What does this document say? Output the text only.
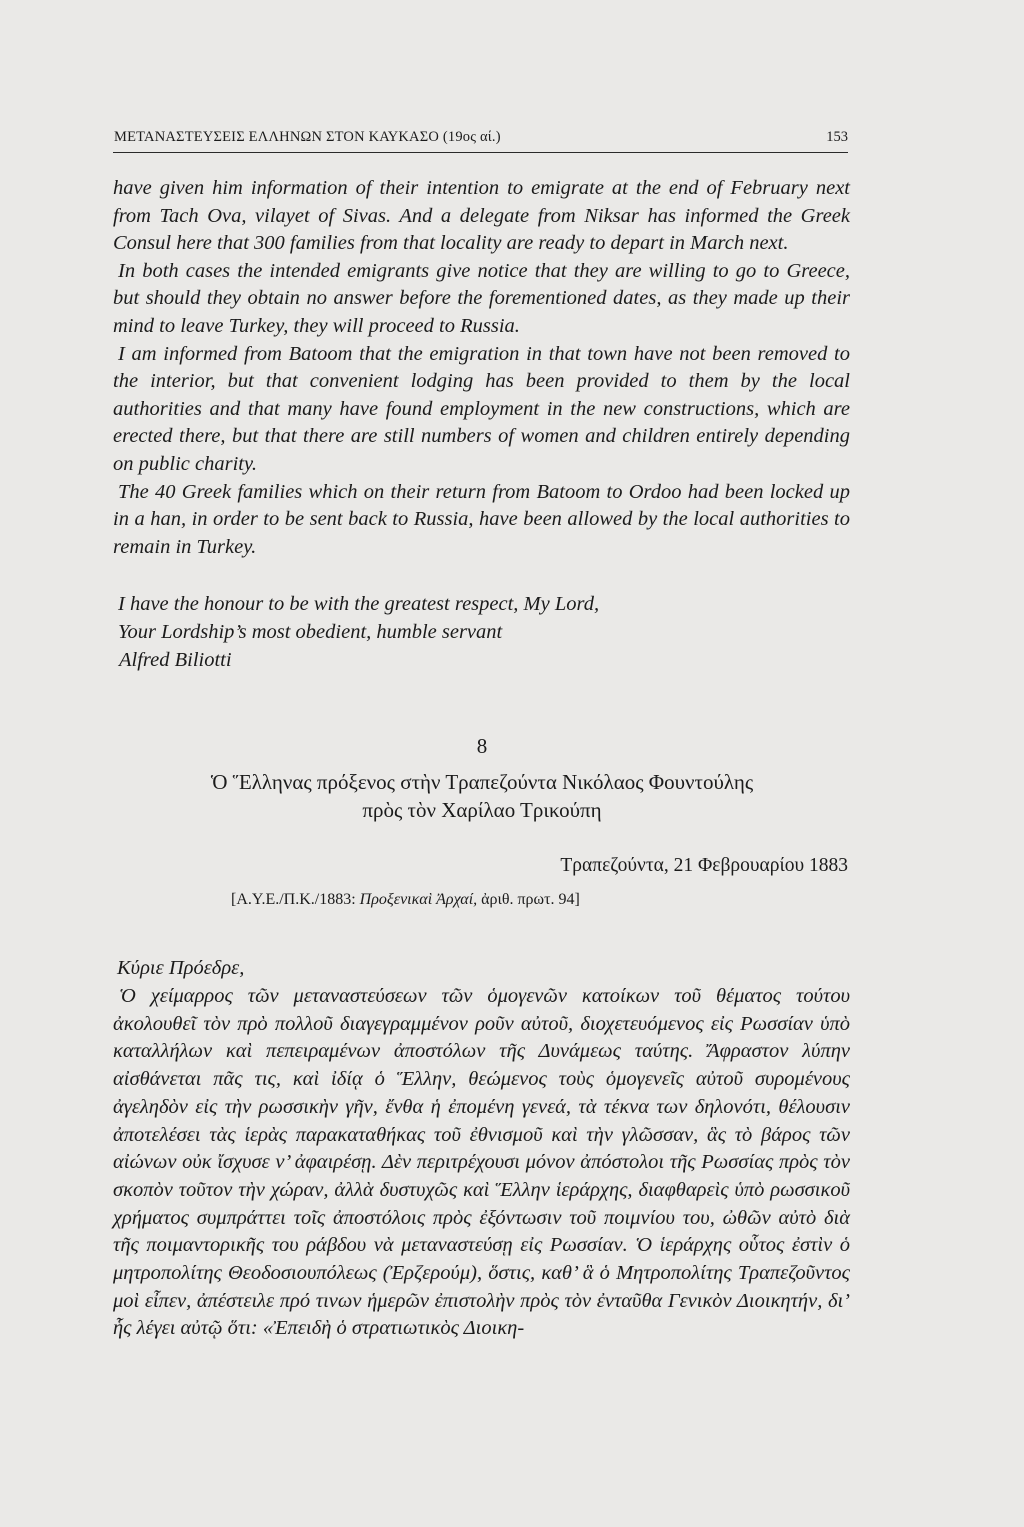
ΜΕΤΑΝΑΣΤΕΥΣΕΙΣ ΕΛΛΗΝΩΝ ΣΤΟΝ ΚΑΥΚΑΣΟ (19ος αί.)	153

have given him information of their intention to emigrate at the end of February next from Tach Ova, vilayet of Sivas. And a delegate from Niksar has informed the Greek Consul here that 300 families from that locality are ready to depart in March next.

In both cases the intended emigrants give notice that they are willing to go to Greece, but should they obtain no answer before the forementioned dates, as they made up their mind to leave Turkey, they will proceed to Russia.

I am informed from Batoom that the emigration in that town have not been removed to the interior, but that convenient lodging has been provided to them by the local authorities and that many have found employment in the new constructions, which are erected there, but that there are still numbers of women and children entirely depending on public charity.

The 40 Greek families which on their return from Batoom to Ordoo had been locked up in a han, in order to be sent back to Russia, have been allowed by the local authorities to remain in Turkey.

I have the honour to be with the greatest respect, My Lord,
Your Lordship’s most obedient, humble servant
Alfred Biliotti
8
Ὁ Ἕλληνας πρόξενος στὴν Τραπεζούντα Νικόλαος Φουντούλης
πρὸς τὸν Χαρίλαο Τρικούπη
Τραπεζούντα, 21 Φεβρουαρίου 1883
[Α.Υ.Ε./Π.Κ./1883: Προξενικαὶ Ἀρχαί, ἀριθ. πρωτ. 94]
Κύριε Πρόεδρε,

Ὁ χείμαρρος τῶν μεταναστεύσεων τῶν ὁμογενῶν κατοίκων τοῦ θέματος τούτου ἀκολουθεῖ τὸν πρὸ πολλοῦ διαγεγραμμένον ροῦν αὐτοῦ, διοχετευόμενος εἰς Ρωσσίαν ὑπὸ καταλλήλων καὶ πεπειραμένων ἀποστόλων τῆς Δυνάμεως ταύτης. Ἄφραστον λύπην αἰσθάνεται πᾶς τις, καὶ ἰδίᾳ ὁ Ἕλλην, θεώμενος τοὺς ὁμογενεῖς αὐτοῦ συρομένους ἀγεληδὸν εἰς τὴν ρωσσικὴν γῆν, ἔνθα ἡ ἐπομένη γενεά, τὰ τέκνα των δηλονότι, θέλουσιν ἀποτελέσει τὰς ἱερὰς παρακαταθήκας τοῦ ἐθνισμοῦ καὶ τὴν γλῶσσαν, ἃς τὸ βάρος τῶν αἰώνων οὐκ ἴσχυσε ν’ ἀφαιρέσῃ. Δὲν περιτρέχουσι μόνον ἀπόστολοι τῆς Ρωσσίας πρὸς τὸν σκοπὸν τοῦτον τὴν χώραν, ἀλλὰ δυστυχῶς καὶ Ἕλλην ἱεράρχης, διαφθαρεὶς ὑπὸ ρωσσικοῦ χρήματος συμπράττει τοῖς ἀποστόλοις πρὸς ἐξόντωσιν τοῦ ποιμνίου του, ὠθῶν αὐτὸ διὰ τῆς ποιμαντορικῆς του ράβδου νὰ μεταναστεύσῃ εἰς Ρωσσίαν. Ὁ ἱεράρχης οὗτος ἐστὶν ὁ μητροπολίτης Θεοδοσιουπόλεως (Ἐρζερούμ), ὅστις, καθ’ ἃ ὁ Μητροπολίτης Τραπεζοῦντος μοὶ εἶπεν, ἀπέστειλε πρό τινων ἡμερῶν ἐπιστολὴν πρὸς τὸν ἐνταῦθα Γενικὸν Διοικητήν, δι’ ἧς λέγει αὐτῷ ὅτι: «Ἐπειδὴ ὁ στρατιωτικὸς Διοικη-
